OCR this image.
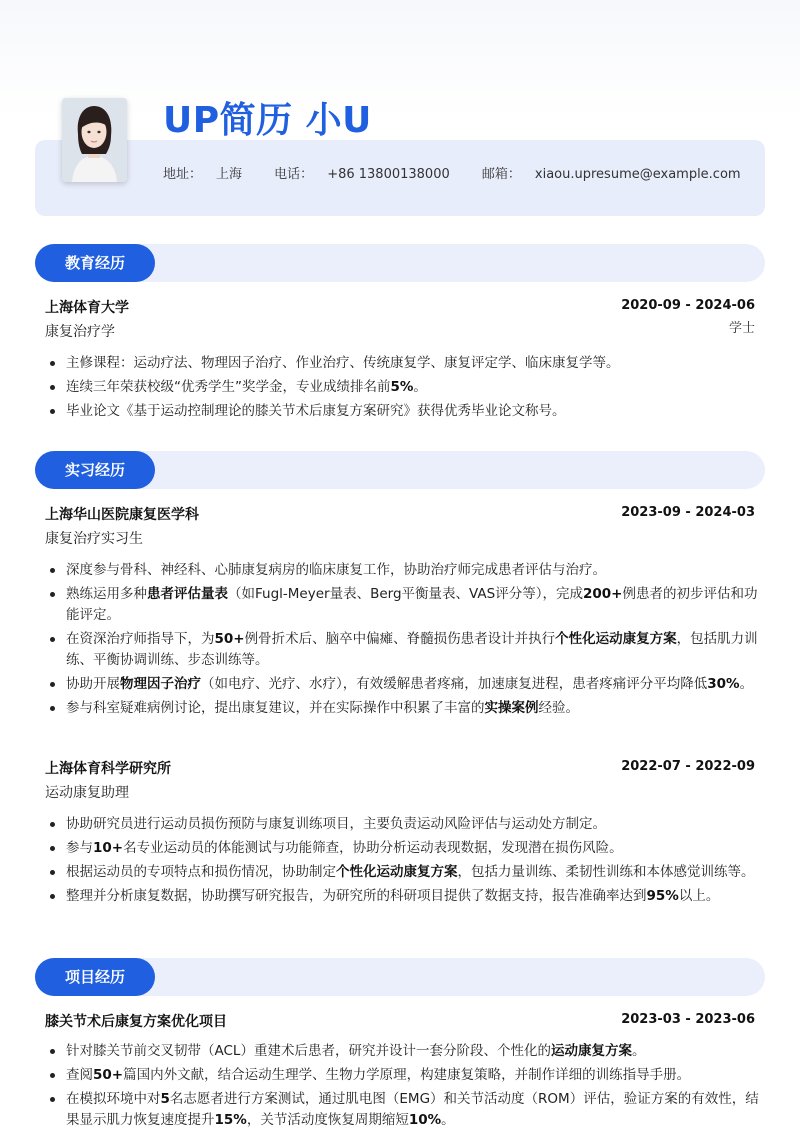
UP简历 小U
地址： 上海 电话： +86 13800138000 邮箱： xiaou.upresume@example.com
教育经历
上海体育大学	2020-09 - 2024-06
康复治疗学	学士
主修课程：运动疗法、物理因子治疗、作业治疗、传统康复学、康复评定学、临床康复学等。
连续三年荣获校级“优秀学生”奖学金，专业成绩排名前5%。
毕业论文《基于运动控制理论的膝关节术后康复方案研究》获得优秀毕业论文称号。
实习经历
上海华山医院康复医学科	2023-09 - 2024-03
康复治疗实习生
深度参与骨科、神经科、心肺康复病房的临床康复工作，协助治疗师完成患者评估与治疗。
熟练运用多种患者评估量表（如Fugl-Meyer量表、Berg平衡量表、VAS评分等），完成200+例患者的初步评估和功能评定。
在资深治疗师指导下，为50+例骨折术后、脑卒中偏瘫、脊髓损伤患者设计并执行个性化运动康复方案，包括肌力训练、平衡协调训练、步态训练等。
协助开展物理因子治疗（如电疗、光疗、水疗），有效缓解患者疼痛，加速康复进程，患者疼痛评分平均降低30%。
参与科室疑难病例讨论，提出康复建议，并在实际操作中积累了丰富的实操案例经验。
上海体育科学研究所	2022-07 - 2022-09
运动康复助理
协助研究员进行运动员损伤预防与康复训练项目，主要负责运动风险评估与运动处方制定。
参与10+名专业运动员的体能测试与功能筛查，协助分析运动表现数据，发现潜在损伤风险。
根据运动员的专项特点和损伤情况，协助制定个性化运动康复方案，包括力量训练、柔韧性训练和本体感觉训练等。
整理并分析康复数据，协助撰写研究报告，为研究所的科研项目提供了数据支持，报告准确率达到95%以上。
项目经历
膝关节术后康复方案优化项目	2023-03 - 2023-06
针对膝关节前交叉韧带（ACL）重建术后患者，研究并设计一套分阶段、个性化的运动康复方案。
查阅50+篇国内外文献，结合运动生理学、生物力学原理，构建康复策略，并制作详细的训练指导手册。
在模拟环境中对5名志愿者进行方案测试，通过肌电图（EMG）和关节活动度（ROM）评估，验证方案的有效性，结果显示肌力恢复速度提升15%，关节活动度恢复周期缩短10%。
